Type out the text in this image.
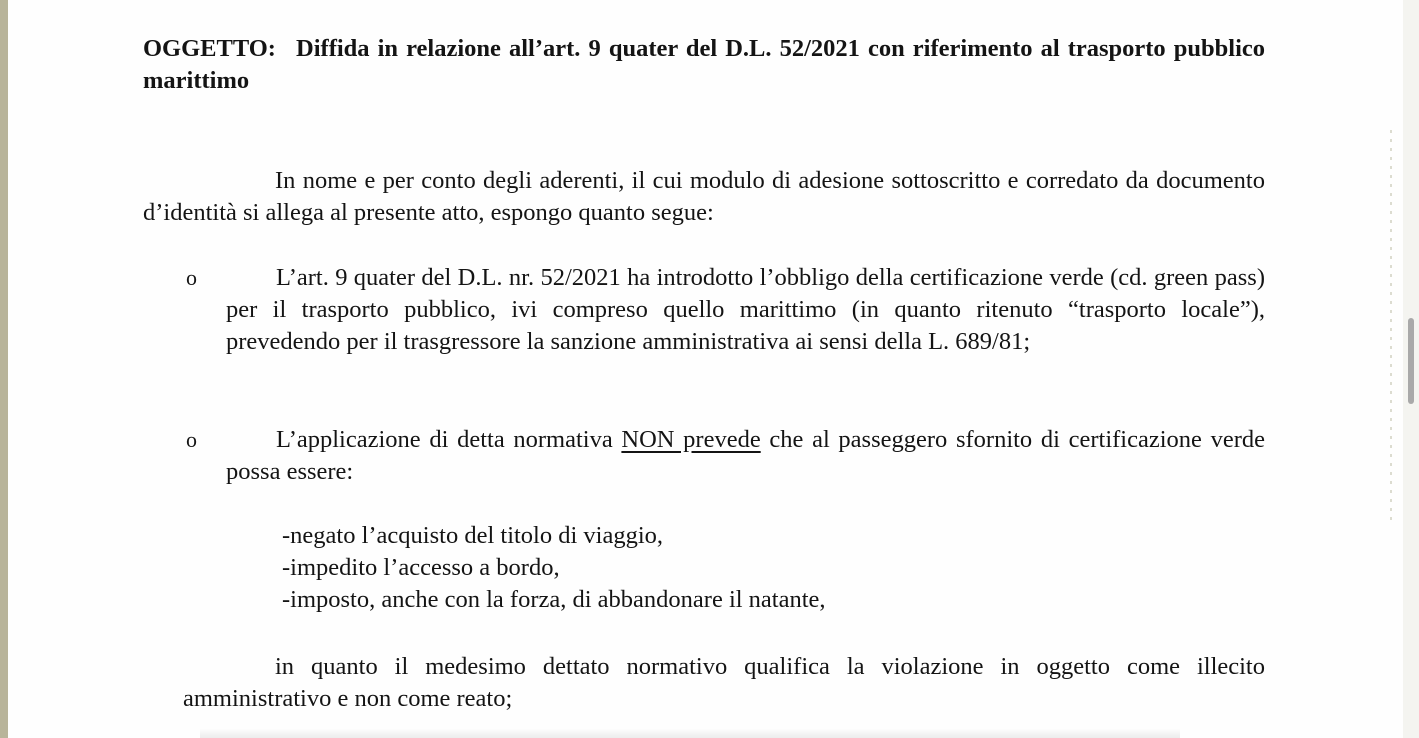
OGGETTO: Diffida in relazione all’art. 9 quater del D.L. 52/2021 con riferimento al trasporto pubblico marittimo
In nome e per conto degli aderenti, il cui modulo di adesione sottoscritto e corredato da documento d’identità si allega al presente atto, espongo quanto segue:
o	L’art. 9 quater del D.L. nr. 52/2021 ha introdotto l’obbligo della certificazione verde (cd. green pass) per il trasporto pubblico, ivi compreso quello marittimo (in quanto ritenuto “trasporto locale”), prevedendo per il trasgressore la sanzione amministrativa ai sensi della L. 689/81;
o	L’applicazione di detta normativa NON prevede che al passeggero sfornito di certificazione verde possa essere:
-negato l’acquisto del titolo di viaggio,
-impedito l’accesso a bordo,
-imposto, anche con la forza, di abbandonare il natante,
in quanto il medesimo dettato normativo qualifica la violazione in oggetto come illecito amministrativo e non come reato;
